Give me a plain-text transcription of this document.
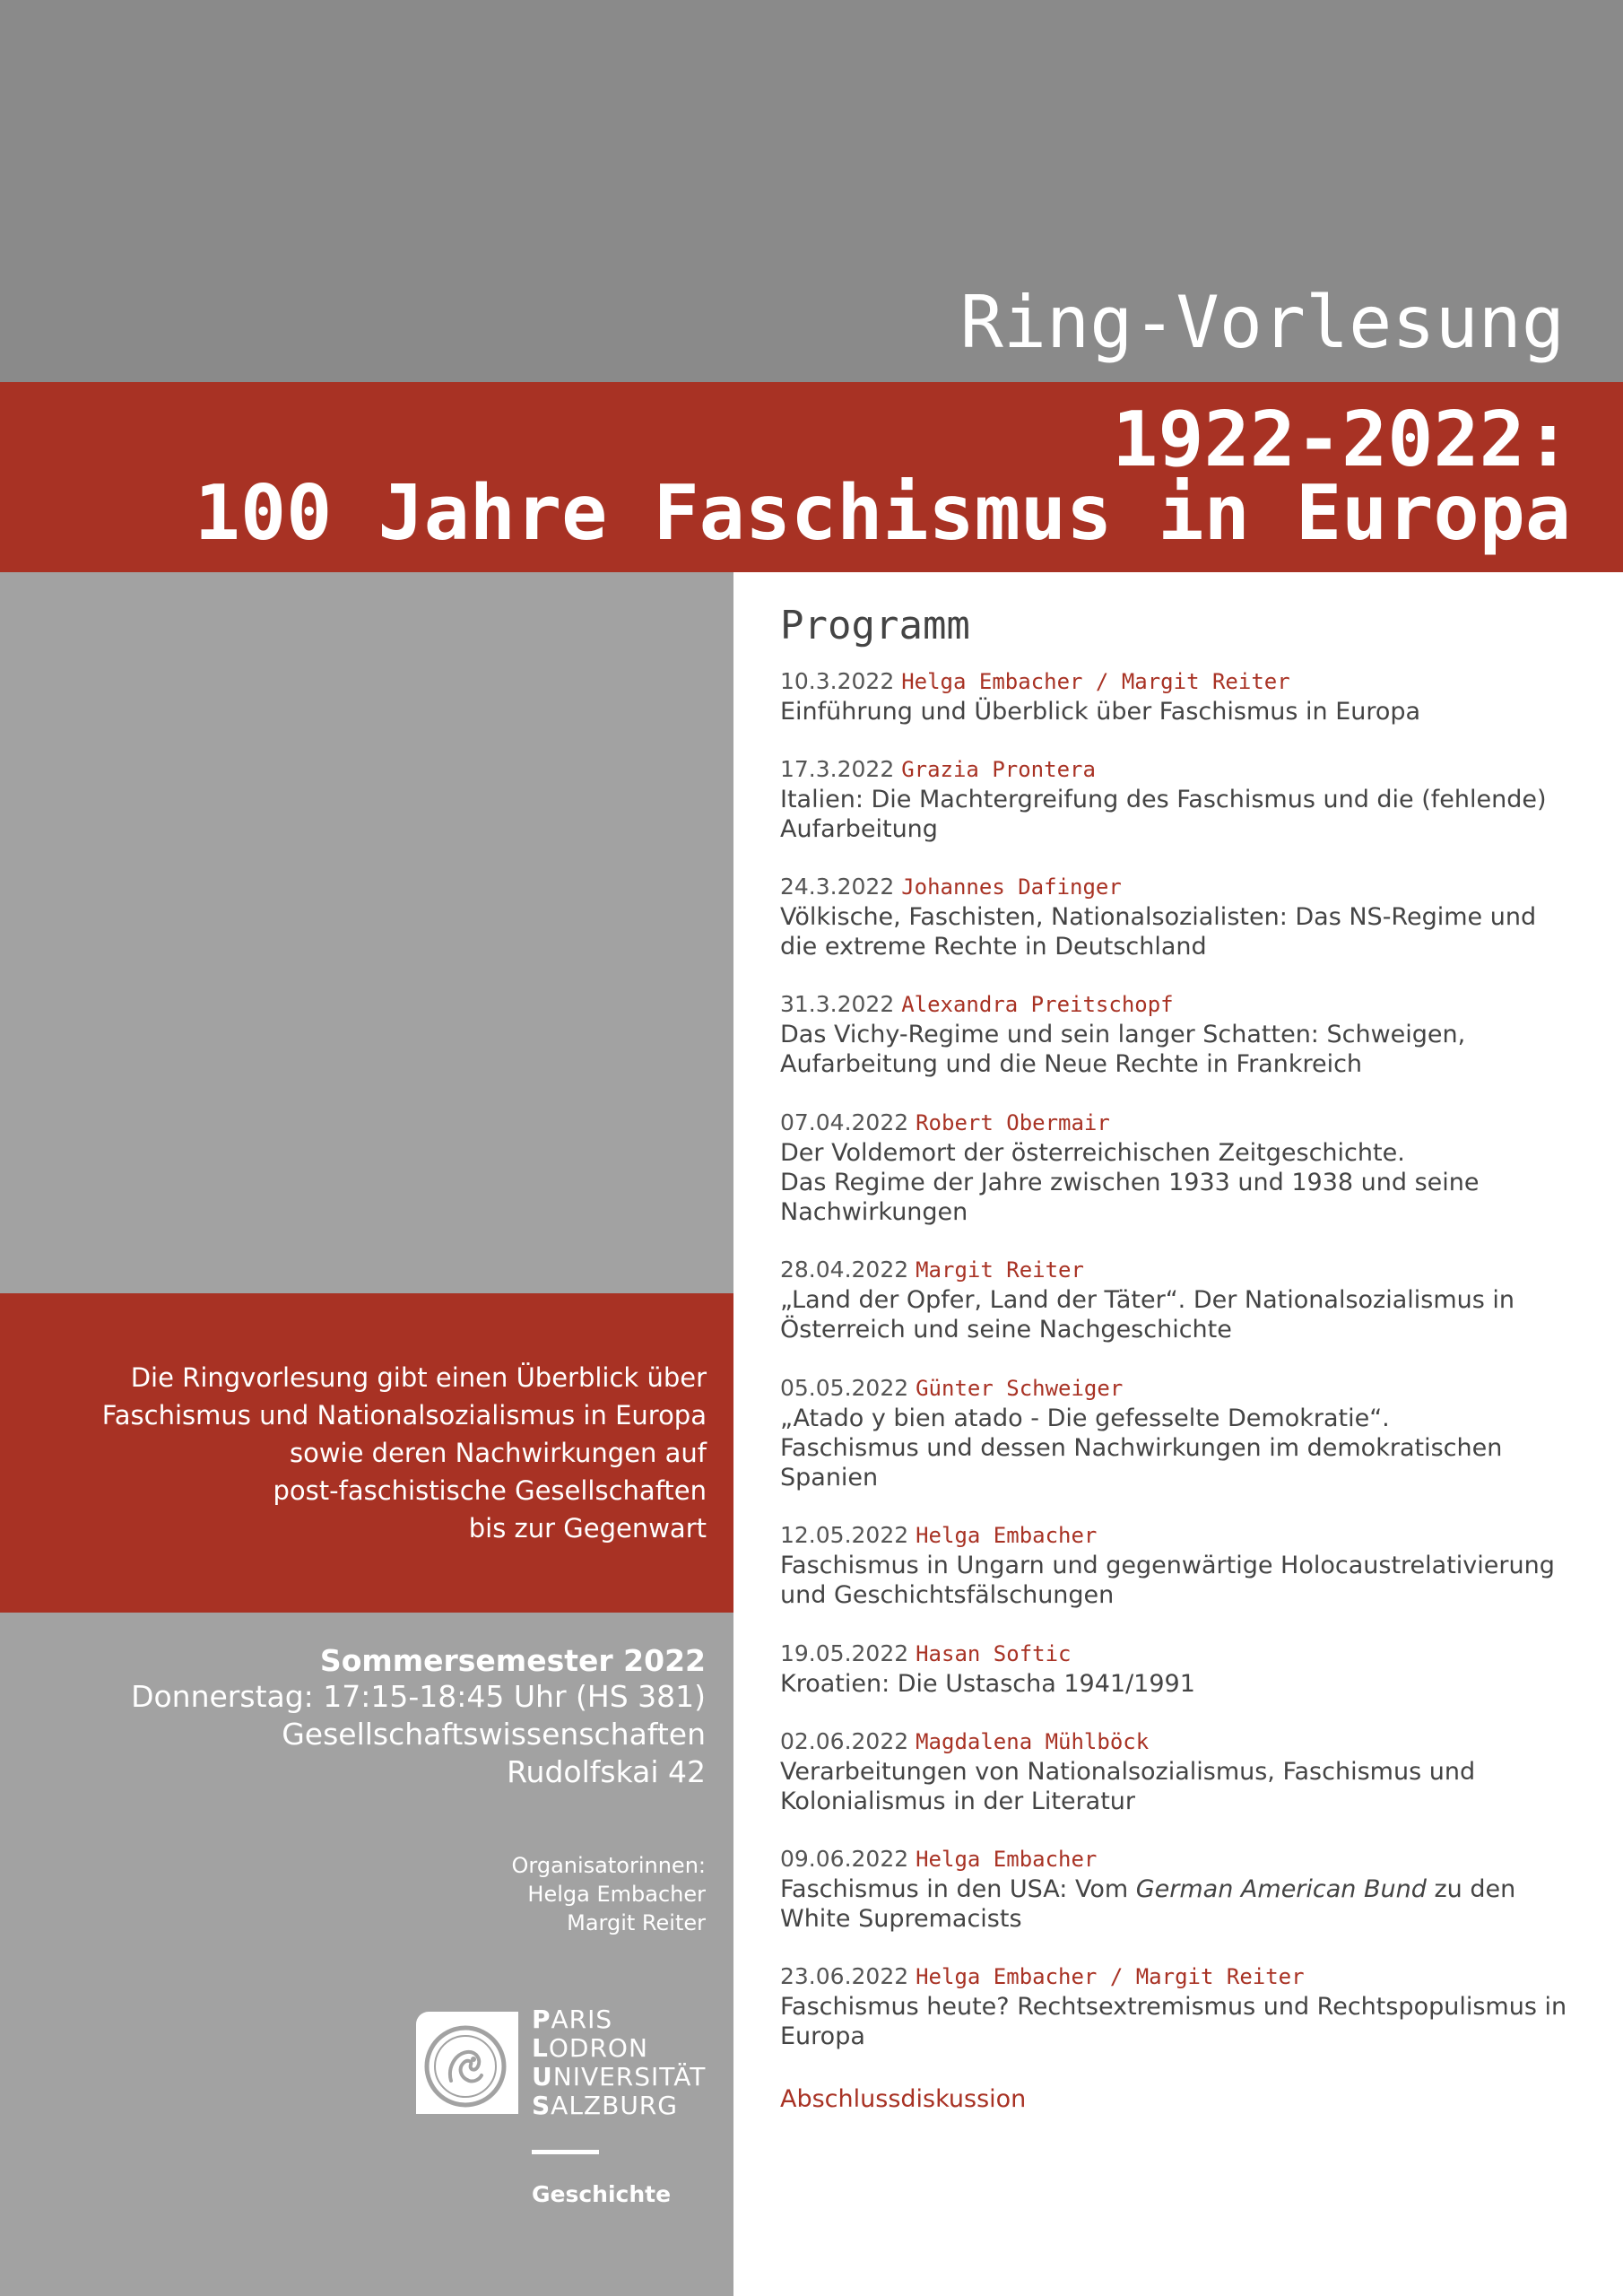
Ring-Vorlesung
1922-2022:
100 Jahre Faschismus in Europa
Die Ringvorlesung gibt einen Überblick über
Faschismus und Nationalsozialismus in Europa
sowie deren Nachwirkungen auf
post-faschistische Gesellschaften
bis zur Gegenwart
Sommersemester 2022
Donnerstag: 17:15-18:45 Uhr (HS 381)
Gesellschaftswissenschaften
Rudolfskai 42
Organisatorinnen:
Helga Embacher
Margit Reiter
PARIS
LODRON
UNIVERSITÄT
SALZBURG
Geschichte
Programm
10.3.2022 Helga Embacher / Margit Reiter
Einführung und Überblick über Faschismus in Europa
17.3.2022 Grazia Prontera
Italien: Die Machtergreifung des Faschismus und die (fehlende)
Aufarbeitung
24.3.2022 Johannes Dafinger
Völkische, Faschisten, Nationalsozialisten: Das NS-Regime und
die extreme Rechte in Deutschland
31.3.2022 Alexandra Preitschopf
Das Vichy-Regime und sein langer Schatten: Schweigen,
Aufarbeitung und die Neue Rechte in Frankreich
07.04.2022 Robert Obermair
Der Voldemort der österreichischen Zeitgeschichte.
Das Regime der Jahre zwischen 1933 und 1938 und seine
Nachwirkungen
28.04.2022 Margit Reiter
„Land der Opfer, Land der Täter“. Der Nationalsozialismus in
Österreich und seine Nachgeschichte
05.05.2022 Günter Schweiger
„Atado y bien atado - Die gefesselte Demokratie“.
Faschismus und dessen Nachwirkungen im demokratischen
Spanien
12.05.2022 Helga Embacher
Faschismus in Ungarn und gegenwärtige Holocaustrelativierung
und Geschichtsfälschungen
19.05.2022 Hasan Softic
Kroatien: Die Ustascha 1941/1991
02.06.2022 Magdalena Mühlböck
Verarbeitungen von Nationalsozialismus, Faschismus und
Kolonialismus in der Literatur
09.06.2022 Helga Embacher
Faschismus in den USA: Vom German American Bund zu den
White Supremacists
23.06.2022 Helga Embacher / Margit Reiter
Faschismus heute? Rechtsextremismus und Rechtspopulismus in
Europa
Abschlussdiskussion
